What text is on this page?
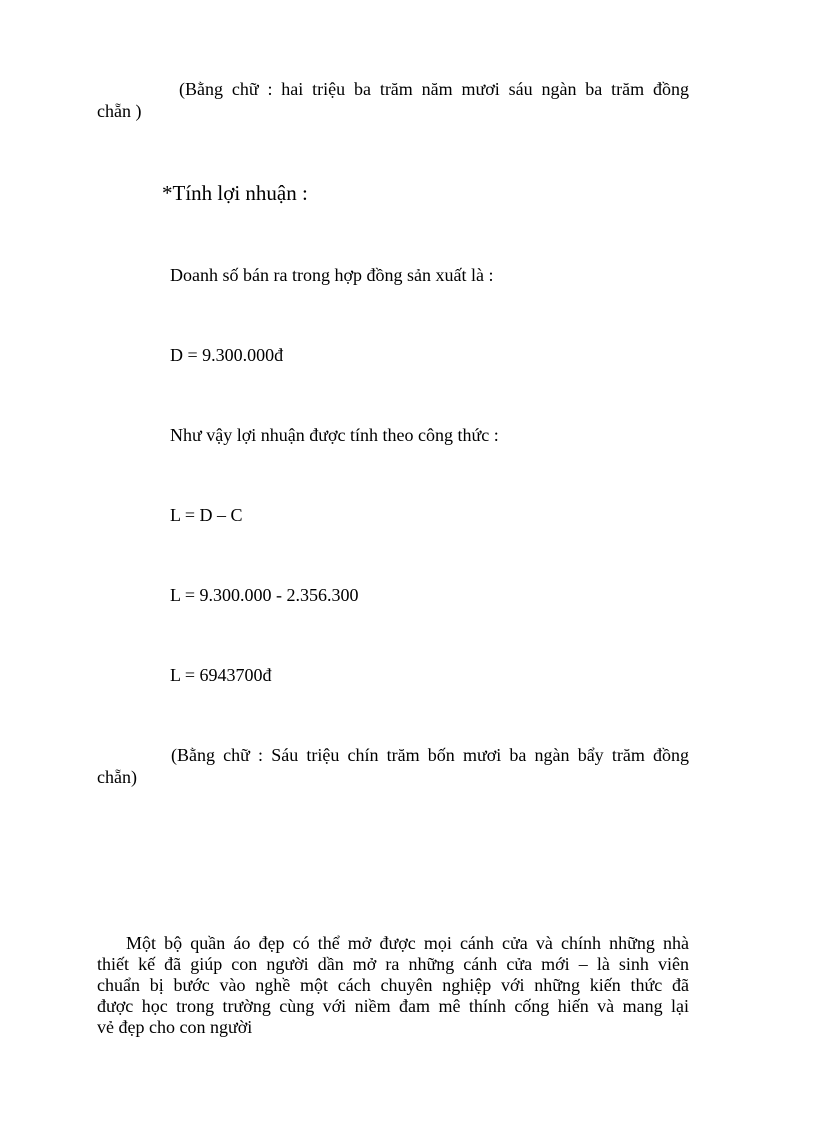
(Bằng chữ : hai triệu ba trăm năm mươi sáu ngàn ba trăm đồng
chẵn )
*Tính lợi nhuận :
Doanh số bán ra trong hợp đồng sản xuất là :
D = 9.300.000đ
Như vậy lợi nhuận được tính theo công thức :
L = D – C
L = 9.300.000 - 2.356.300
L = 6943700đ
(Bằng chữ : Sáu triệu chín trăm bốn mươi ba ngàn bẩy trăm đồng
chẵn)
Một bộ quần áo đẹp có thể mở được mọi cánh cửa và chính những nhà
thiết kế đã giúp con người dần mở ra những cánh cửa mới – là sinh viên
chuẩn bị bước vào nghề một cách chuyên nghiệp với những kiến thức đã
được học trong trường cùng với niềm đam mê thính cống hiến và mang lại
vẻ đẹp cho con người
